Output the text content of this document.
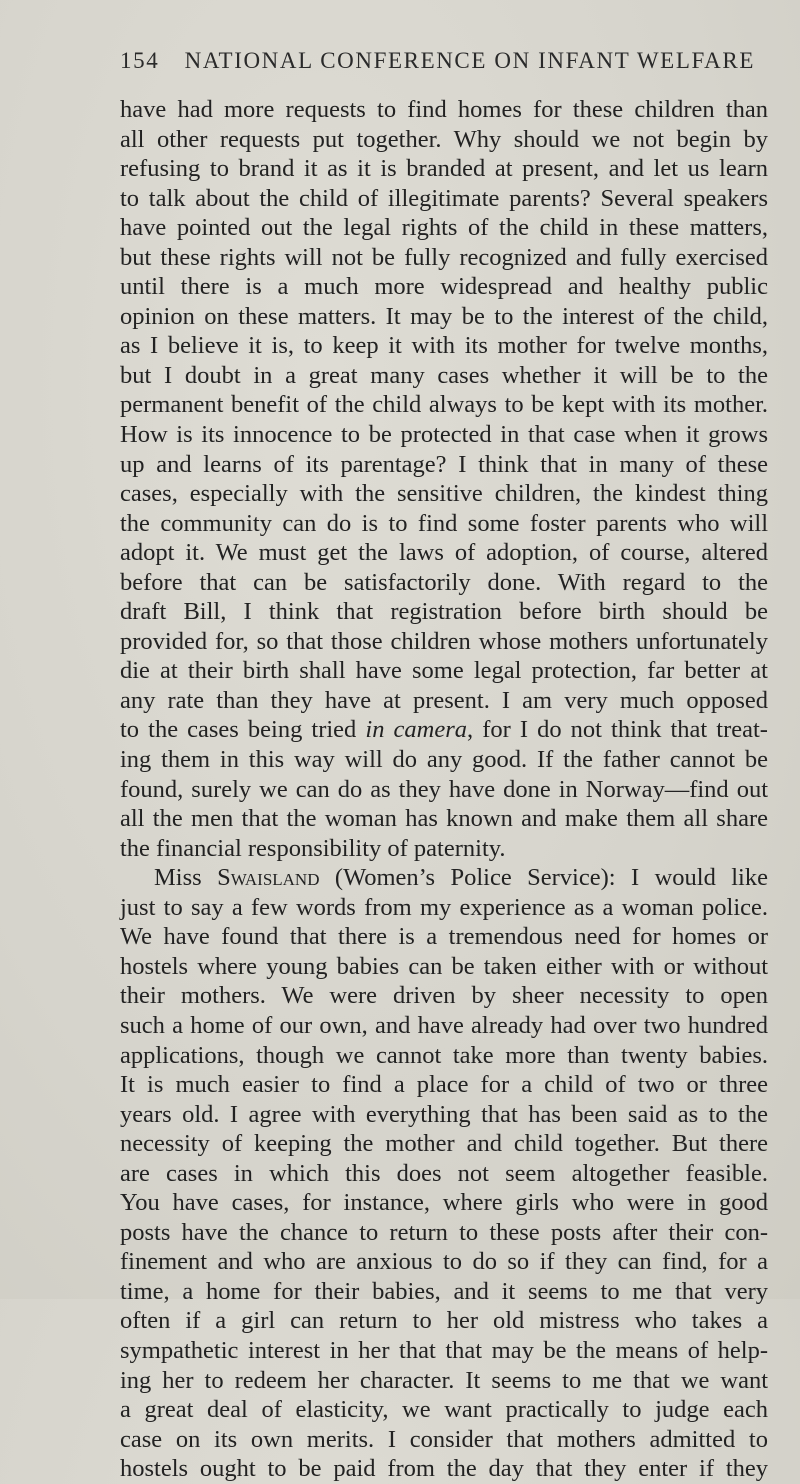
154 NATIONAL CONFERENCE ON INFANT WELFARE
have had more requests to find homes for these children than
all other requests put together. Why should we not begin by
refusing to brand it as it is branded at present, and let us learn
to talk about the child of illegitimate parents? Several speakers
have pointed out the legal rights of the child in these matters,
but these rights will not be fully recognized and fully exercised
until there is a much more widespread and healthy public
opinion on these matters. It may be to the interest of the child,
as I believe it is, to keep it with its mother for twelve months,
but I doubt in a great many cases whether it will be to the
permanent benefit of the child always to be kept with its mother.
How is its innocence to be protected in that case when it grows
up and learns of its parentage? I think that in many of these
cases, especially with the sensitive children, the kindest thing
the community can do is to find some foster parents who will
adopt it. We must get the laws of adoption, of course, altered
before that can be satisfactorily done. With regard to the
draft Bill, I think that registration before birth should be
provided for, so that those children whose mothers unfortunately
die at their birth shall have some legal protection, far better at
any rate than they have at present. I am very much opposed
to the cases being tried in camera, for I do not think that treat-
ing them in this way will do any good. If the father cannot be
found, surely we can do as they have done in Norway—find out
all the men that the woman has known and make them all share
the financial responsibility of paternity.
Miss Swaisland (Women’s Police Service): I would like
just to say a few words from my experience as a woman police.
We have found that there is a tremendous need for homes or
hostels where young babies can be taken either with or without
their mothers. We were driven by sheer necessity to open
such a home of our own, and have already had over two hundred
applications, though we cannot take more than twenty babies.
It is much easier to find a place for a child of two or three
years old. I agree with everything that has been said as to the
necessity of keeping the mother and child together. But there
are cases in which this does not seem altogether feasible.
You have cases, for instance, where girls who were in good
posts have the chance to return to these posts after their con-
finement and who are anxious to do so if they can find, for a
time, a home for their babies, and it seems to me that very
often if a girl can return to her old mistress who takes a
sympathetic interest in her that that may be the means of help-
ing her to redeem her character. It seems to me that we want
a great deal of elasticity, we want practically to judge each
case on its own merits. I consider that mothers admitted to
hostels ought to be paid from the day that they enter if they
